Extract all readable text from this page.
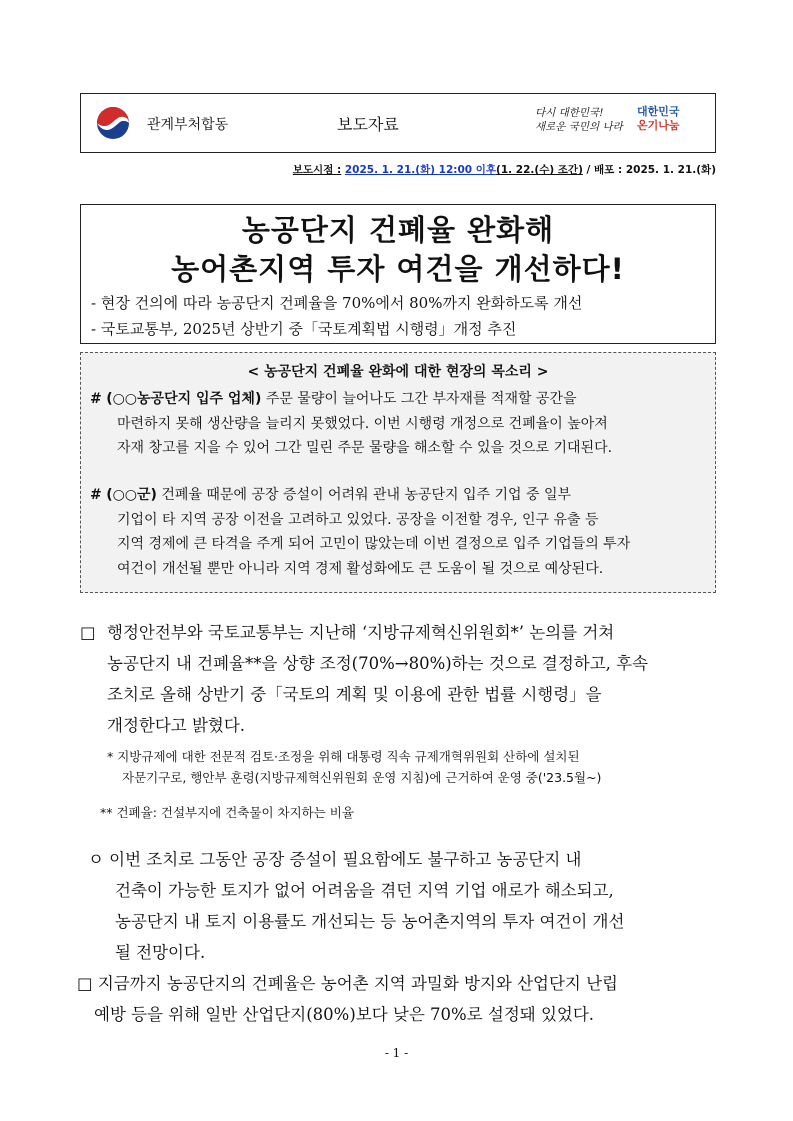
관계부처합동	보도자료
다시 대한민국!
새로운 국민의 나라
대한민국
온기나눔
보도시점 : 2025. 1. 21.(화) 12:00 이후(1. 22.(수) 조간) / 배포 : 2025. 1. 21.(화)
농공단지 건폐율 완화해
농어촌지역 투자 여건을 개선하다!
- 현장 건의에 따라 농공단지 건폐율을 70%에서 80%까지 완화하도록 개선
- 국토교통부, 2025년 상반기 중「국토계획법 시행령」개정 추진
< 농공단지 건폐율 완화에 대한 현장의 목소리 >
# (○○농공단지 입주 업체) 주문 물량이 늘어나도 그간 부자재를 적재할 공간을
마련하지 못해 생산량을 늘리지 못했었다. 이번 시행령 개정으로 건폐율이 높아져
자재 창고를 지을 수 있어 그간 밀린 주문 물량을 해소할 수 있을 것으로 기대된다.
# (○○군) 건폐율 때문에 공장 증설이 어려워 관내 농공단지 입주 기업 중 일부
기업이 타 지역 공장 이전을 고려하고 있었다. 공장을 이전할 경우, 인구 유출 등
지역 경제에 큰 타격을 주게 되어 고민이 많았는데 이번 결정으로 입주 기업들의 투자
여건이 개선될 뿐만 아니라 지역 경제 활성화에도 큰 도움이 될 것으로 예상된다.
□ 행정안전부와 국토교통부는 지난해 ‘지방규제혁신위원회*’ 논의를 거쳐
농공단지 내 건폐율**을 상향 조정(70%→80%)하는 것으로 결정하고, 후속
조치로 올해 상반기 중「국토의 계획 및 이용에 관한 법률 시행령」을
개정한다고 밝혔다.
* 지방규제에 대한 전문적 검토·조정을 위해 대통령 직속 규제개혁위원회 산하에 설치된
자문기구로, 행안부 훈령(지방규제혁신위원회 운영 지침)에 근거하여 운영 중('23.5월~)
** 건폐율: 건설부지에 건축물이 차지하는 비율
ㅇ 이번 조치로 그동안 공장 증설이 필요함에도 불구하고 농공단지 내
건축이 가능한 토지가 없어 어려움을 겪던 지역 기업 애로가 해소되고,
농공단지 내 토지 이용률도 개선되는 등 농어촌지역의 투자 여건이 개선
될 전망이다.
□ 지금까지 농공단지의 건폐율은 농어촌 지역 과밀화 방지와 산업단지 난립
예방 등을 위해 일반 산업단지(80%)보다 낮은 70%로 설정돼 있었다.
- 1 -
